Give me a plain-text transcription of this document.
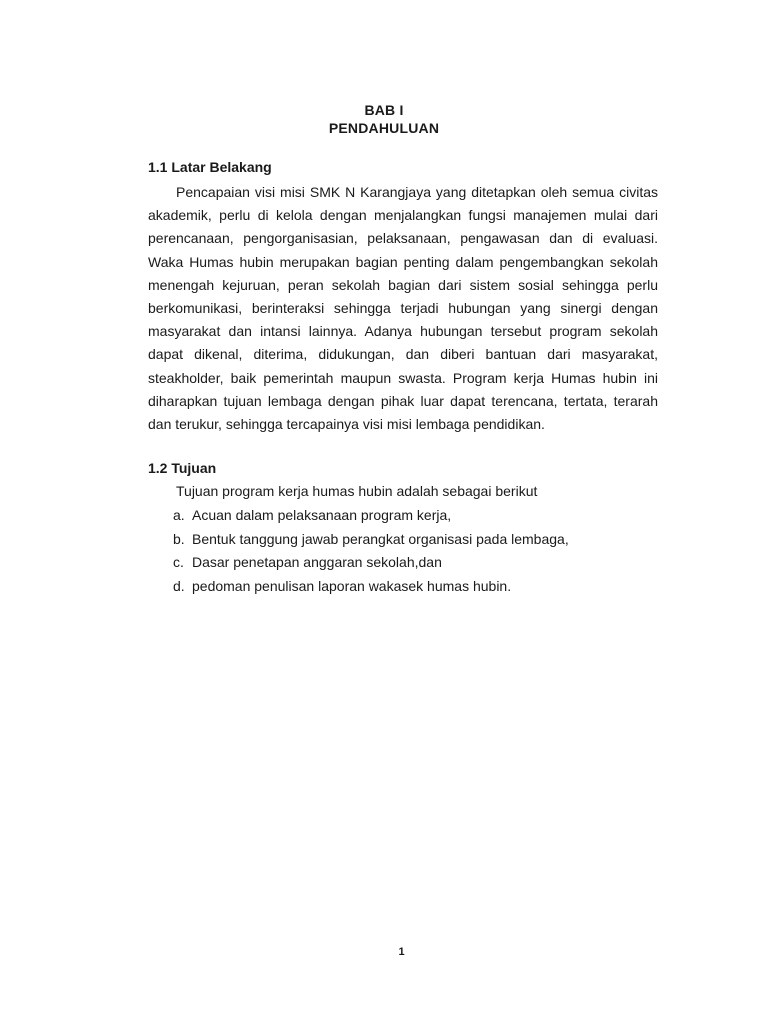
BAB I
PENDAHULUAN
1.1 Latar Belakang

Pencapaian visi misi SMK N Karangjaya yang ditetapkan oleh semua civitas akademik, perlu di kelola dengan menjalangkan fungsi manajemen mulai dari perencanaan, pengorganisasian, pelaksanaan, pengawasan dan di evaluasi. Waka Humas hubin merupakan bagian penting dalam pengembangkan sekolah menengah kejuruan, peran sekolah bagian dari sistem sosial sehingga perlu berkomunikasi, berinteraksi sehingga terjadi hubungan yang sinergi dengan masyarakat dan intansi lainnya. Adanya hubungan tersebut program sekolah dapat dikenal, diterima, didukungan, dan diberi bantuan dari masyarakat, steakholder, baik pemerintah maupun swasta. Program kerja Humas hubin ini diharapkan tujuan lembaga dengan pihak luar dapat terencana, tertata, terarah dan terukur, sehingga tercapainya visi misi lembaga pendidikan.

1.2 Tujuan

Tujuan program kerja humas hubin adalah sebagai berikut

a. Acuan dalam pelaksanaan program kerja,
b. Bentuk tanggung jawab perangkat organisasi pada lembaga,
c. Dasar penetapan anggaran sekolah,dan
d. pedoman penulisan laporan wakasek humas hubin.
1
